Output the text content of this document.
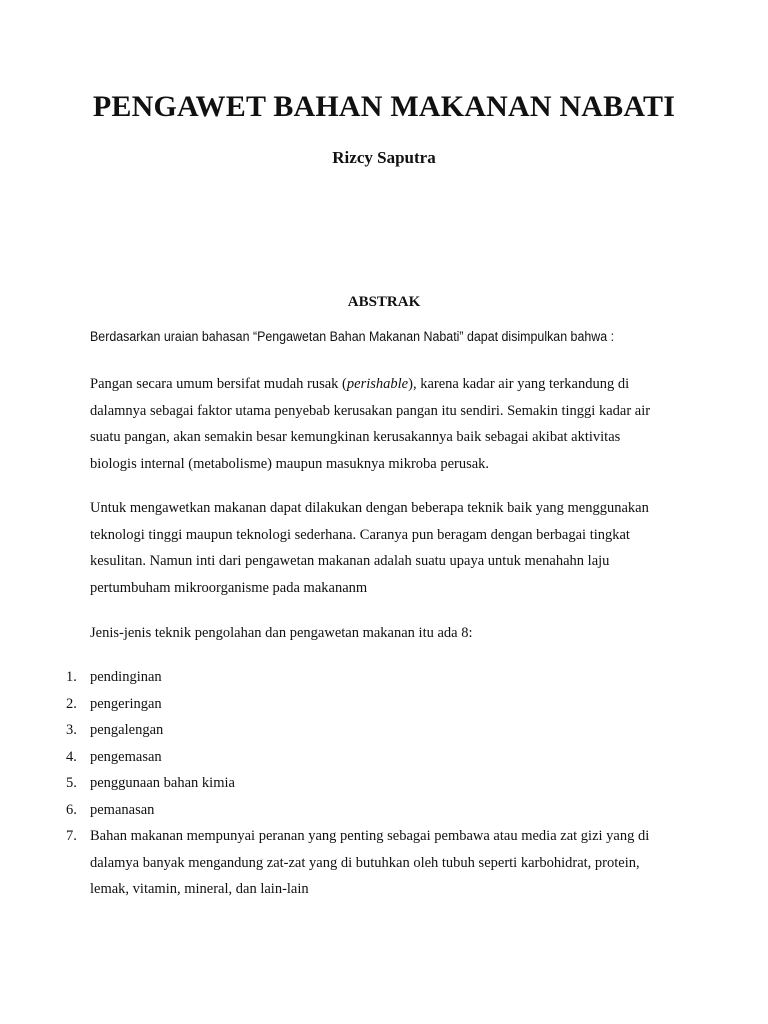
PENGAWET BAHAN MAKANAN NABATI
Rizcy Saputra
ABSTRAK
Berdasarkan uraian bahasan “Pengawetan Bahan Makanan Nabati” dapat disimpulkan bahwa :
Pangan secara umum bersifat mudah rusak (perishable), karena kadar air yang terkandung di
dalamnya sebagai faktor utama penyebab kerusakan pangan itu sendiri. Semakin tinggi kadar air
suatu pangan, akan semakin besar kemungkinan kerusakannya baik sebagai akibat aktivitas
biologis internal (metabolisme) maupun masuknya mikroba perusak.
Untuk mengawetkan makanan dapat dilakukan dengan beberapa teknik baik yang menggunakan
teknologi tinggi maupun teknologi sederhana. Caranya pun beragam dengan berbagai tingkat
kesulitan. Namun inti dari pengawetan makanan adalah suatu upaya untuk menahahn laju
pertumbuham mikroorganisme pada makananm
Jenis-jenis teknik pengolahan dan pengawetan makanan itu ada 8:
1. pendinginan
2. pengeringan
3. pengalengan
4. pengemasan
5. penggunaan bahan kimia
6. pemanasan
7. Bahan makanan mempunyai peranan yang penting sebagai pembawa atau media zat gizi yang di
dalamya banyak mengandung zat-zat yang di butuhkan oleh tubuh seperti karbohidrat, protein,
lemak, vitamin, mineral, dan lain-lain
